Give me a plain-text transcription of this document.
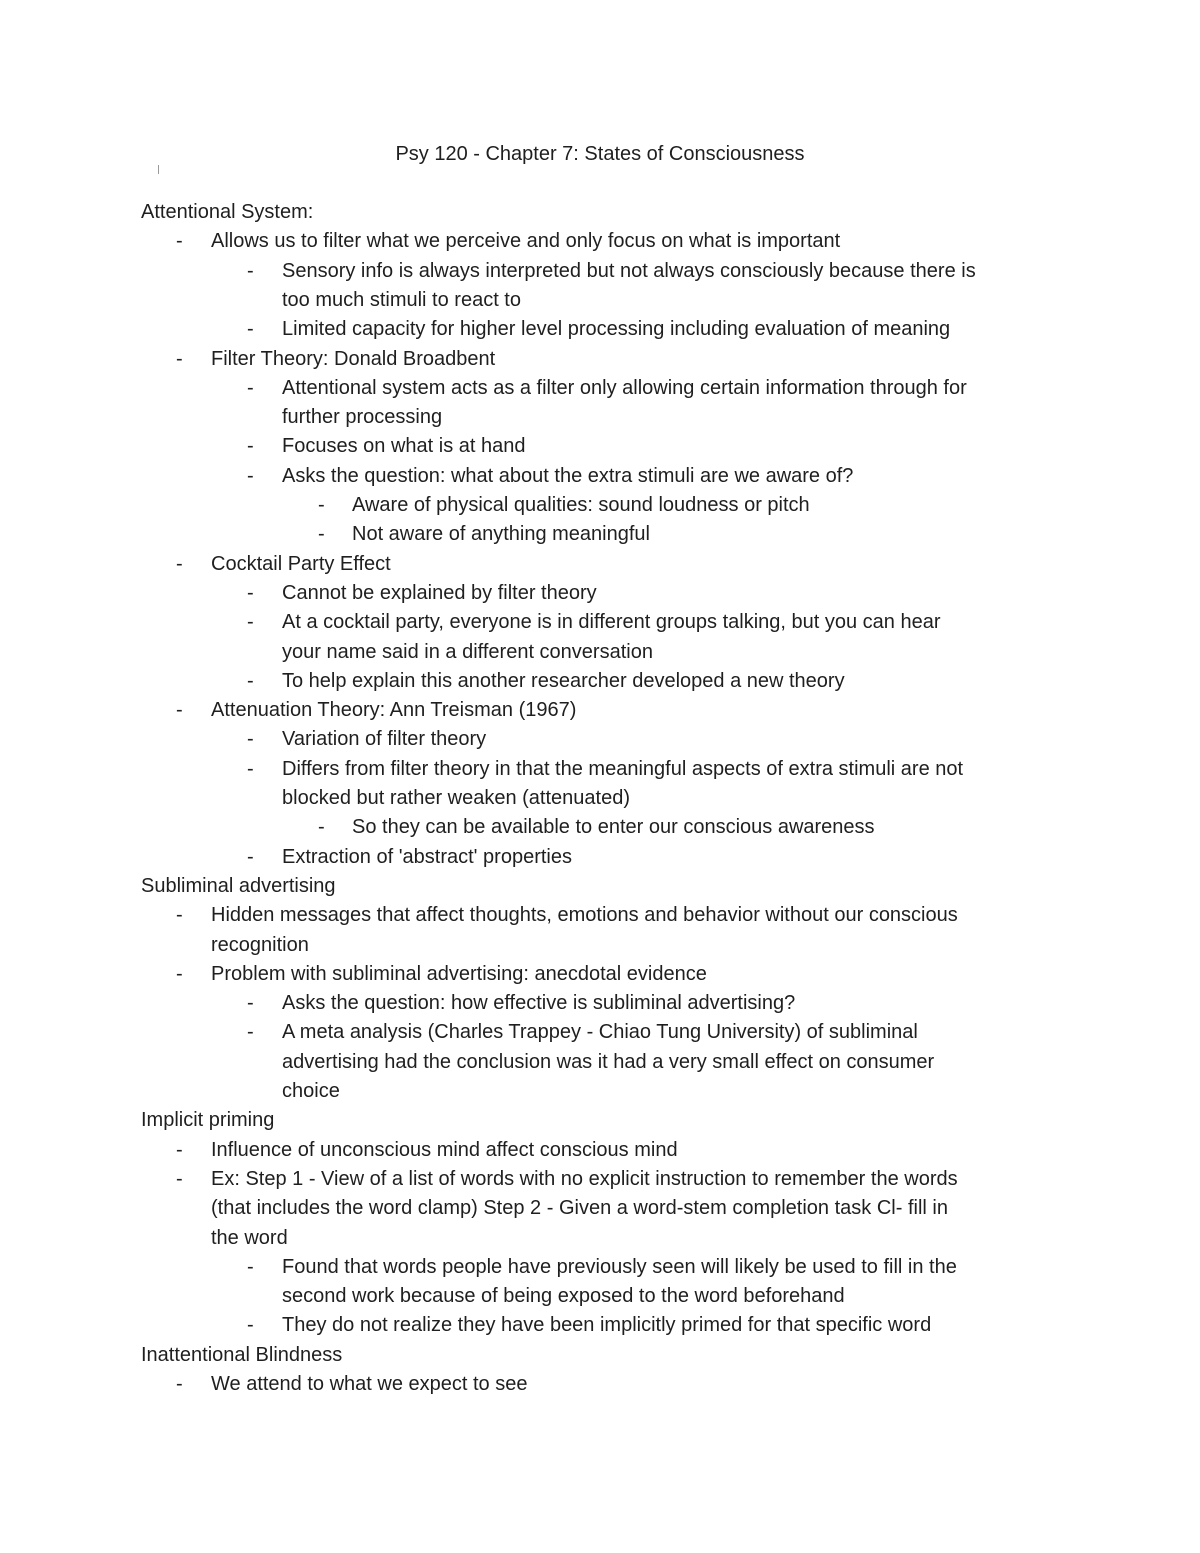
Psy 120 - Chapter 7: States of Consciousness
Attentional System:
- Allows us to filter what we perceive and only focus on what is important
- Sensory info is always interpreted but not always consciously because there is
too much stimuli to react to
- Limited capacity for higher level processing including evaluation of meaning
- Filter Theory: Donald Broadbent
- Attentional system acts as a filter only allowing certain information through for
further processing
- Focuses on what is at hand
- Asks the question: what about the extra stimuli are we aware of?
- Aware of physical qualities: sound loudness or pitch
- Not aware of anything meaningful
- Cocktail Party Effect
- Cannot be explained by filter theory
- At a cocktail party, everyone is in different groups talking, but you can hear
your name said in a different conversation
- To help explain this another researcher developed a new theory
- Attenuation Theory: Ann Treisman (1967)
- Variation of filter theory
- Differs from filter theory in that the meaningful aspects of extra stimuli are not
blocked but rather weaken (attenuated)
- So they can be available to enter our conscious awareness
- Extraction of 'abstract' properties
Subliminal advertising
- Hidden messages that affect thoughts, emotions and behavior without our conscious
recognition
- Problem with subliminal advertising: anecdotal evidence
- Asks the question: how effective is subliminal advertising?
- A meta analysis (Charles Trappey - Chiao Tung University) of subliminal
advertising had the conclusion was it had a very small effect on consumer
choice
Implicit priming
- Influence of unconscious mind affect conscious mind
- Ex: Step 1 - View of a list of words with no explicit instruction to remember the words
(that includes the word clamp) Step 2 - Given a word-stem completion task Cl- fill in
the word
- Found that words people have previously seen will likely be used to fill in the
second work because of being exposed to the word beforehand
- They do not realize they have been implicitly primed for that specific word
Inattentional Blindness
- We attend to what we expect to see
